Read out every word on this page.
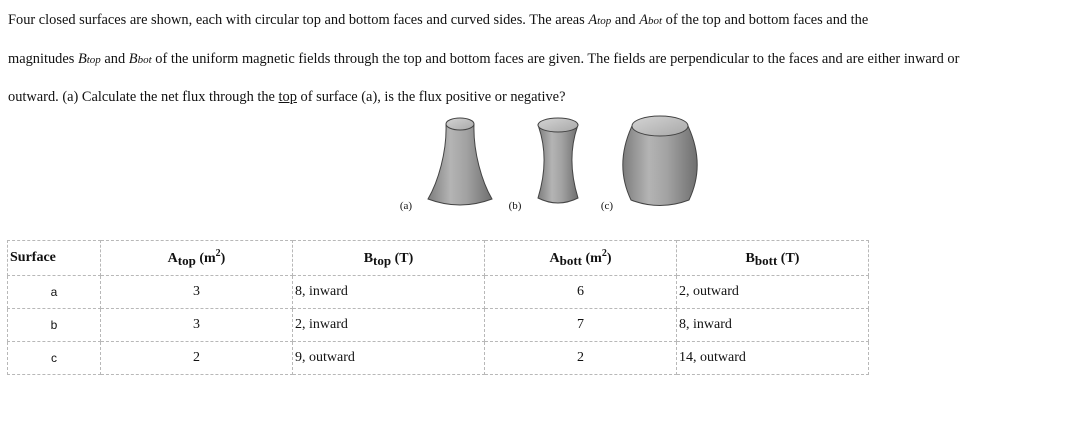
Four closed surfaces are shown, each with circular top and bottom faces and curved sides. The areas Atop and Abot of the top and bottom faces and the
magnitudes Btop and Bbot of the uniform magnetic fields through the top and bottom faces are given. The fields are perpendicular to the faces and are either inward or
outward. (a) Calculate the net flux through the top of surface (a), is the flux positive or negative?

(a)	(b)	(c)
Surface	Atop $(m^2)$	Btop (T)	Abott $(m^2)$	Bbott (T)
a	3	8, inward	6	2, outward
b	3	2, inward	7	8, inward
c	2	9, outward	2	14, outward
